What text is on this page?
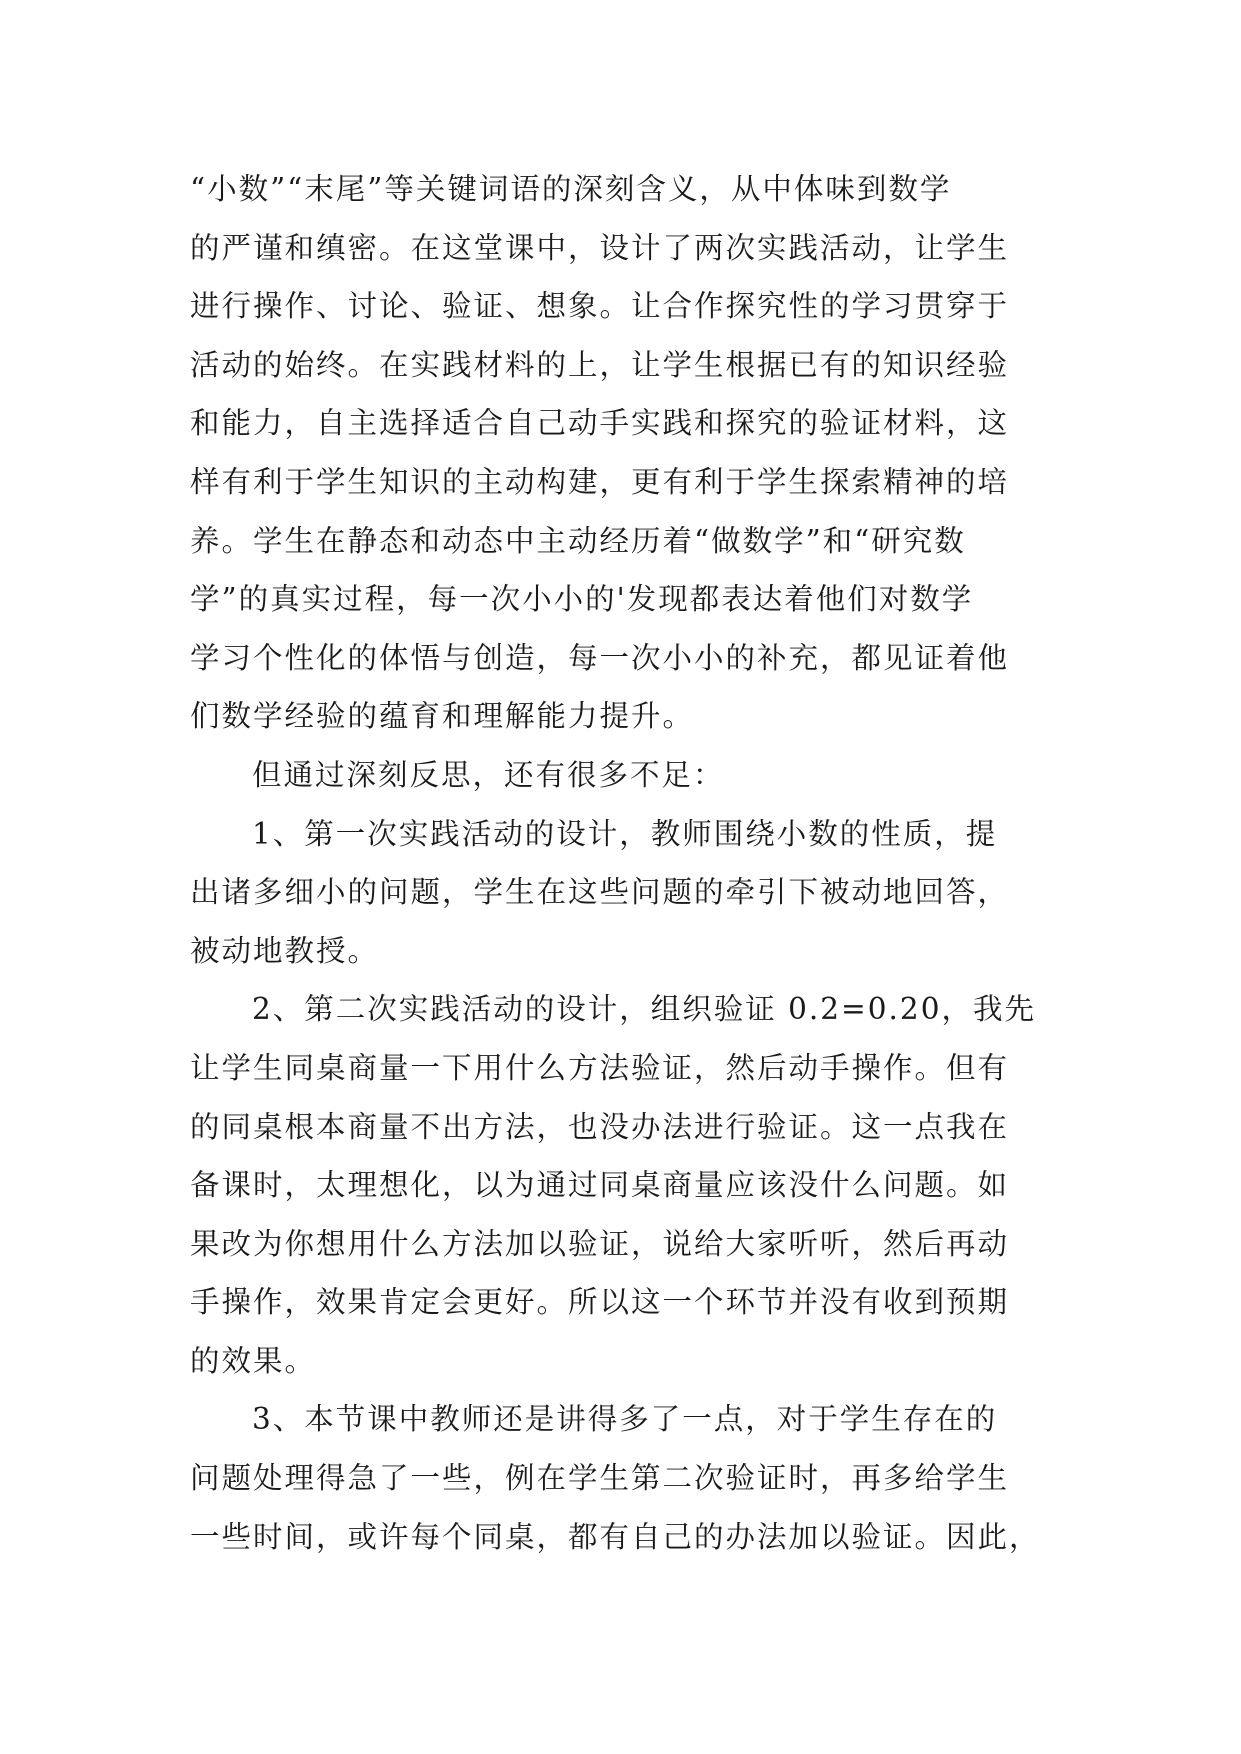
“小数”“末尾”等关键词语的深刻含义，从中体味到数学
的严谨和缜密。在这堂课中，设计了两次实践活动，让学生
进行操作、讨论、验证、想象。让合作探究性的学习贯穿于
活动的始终。在实践材料的上，让学生根据已有的知识经验
和能力，自主选择适合自己动手实践和探究的验证材料，这
样有利于学生知识的主动构建，更有利于学生探索精神的培
养。学生在静态和动态中主动经历着“做数学”和“研究数
学”的真实过程，每一次小小的'发现都表达着他们对数学
学习个性化的体悟与创造，每一次小小的补充，都见证着他
们数学经验的蕴育和理解能力提升。
但通过深刻反思，还有很多不足：
1、第一次实践活动的设计，教师围绕小数的性质，提
出诸多细小的问题，学生在这些问题的牵引下被动地回答，
被动地教授。
2、第二次实践活动的设计，组织验证 0.2=0.20，我先
让学生同桌商量一下用什么方法验证，然后动手操作。但有
的同桌根本商量不出方法，也没办法进行验证。这一点我在
备课时，太理想化，以为通过同桌商量应该没什么问题。如
果改为你想用什么方法加以验证，说给大家听听，然后再动
手操作，效果肯定会更好。所以这一个环节并没有收到预期
的效果。
3、本节课中教师还是讲得多了一点，对于学生存在的
问题处理得急了一些，例在学生第二次验证时，再多给学生
一些时间，或许每个同桌，都有自己的办法加以验证。因此，
